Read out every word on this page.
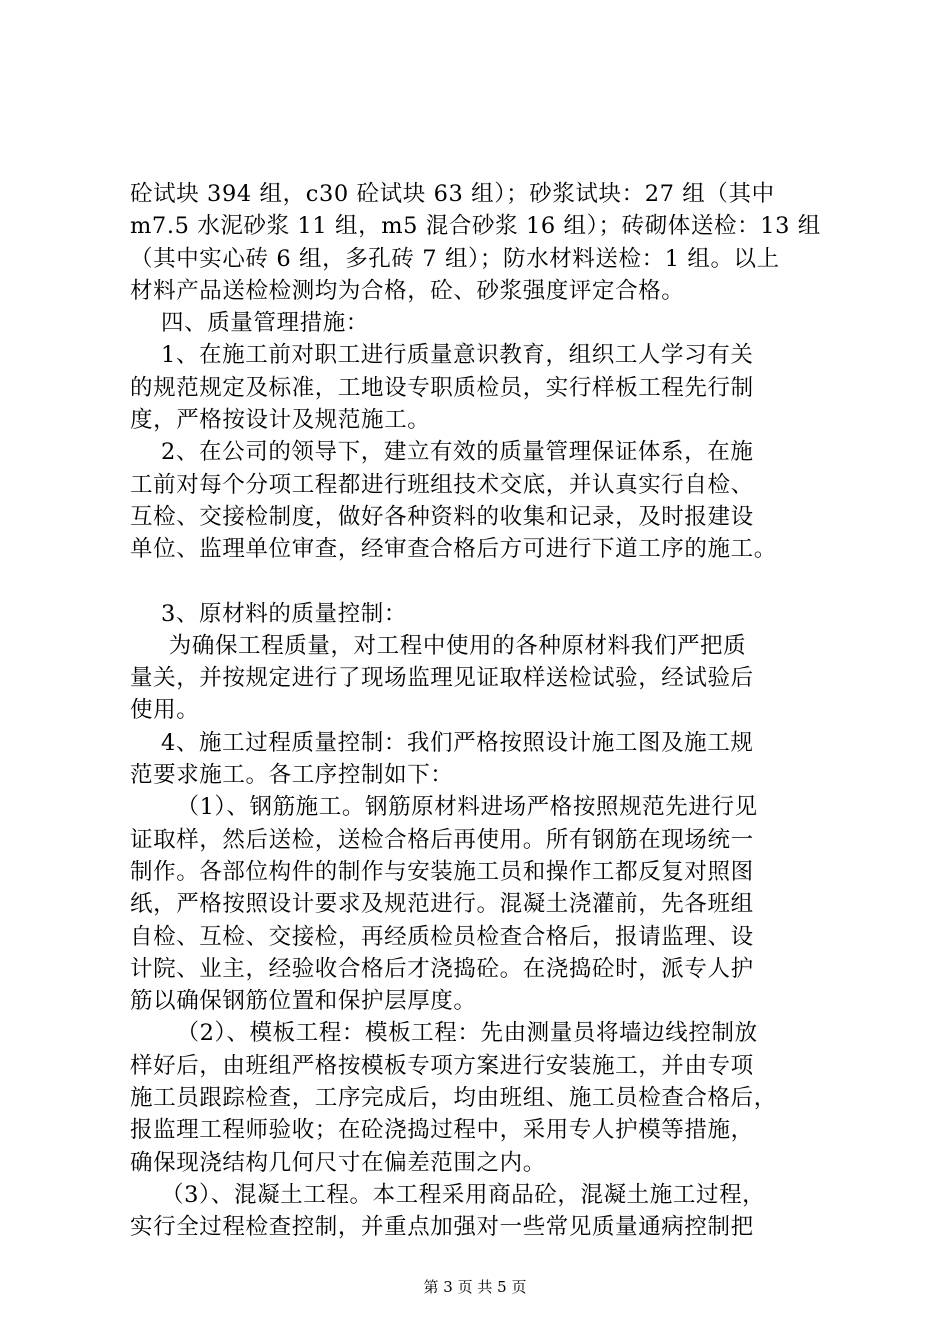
砼试块 394 组，c30 砼试块 63 组）；砂浆试块：27 组（其中

m7.5 水泥砂浆 11 组，m5 混合砂浆 16 组）；砖砌体送检：13 组

（其中实心砖 6 组，多孔砖 7 组）；防水材料送检：1 组。以上

材料产品送检检测均为合格，砼、砂浆强度评定合格。

四、质量管理措施：

1、在施工前对职工进行质量意识教育，组织工人学习有关

的规范规定及标准，工地设专职质检员，实行样板工程先行制

度，严格按设计及规范施工。

2、在公司的领导下，建立有效的质量管理保证体系，在施

工前对每个分项工程都进行班组技术交底，并认真实行自检、

互检、交接检制度，做好各种资料的收集和记录，及时报建设

单位、监理单位审查，经审查合格后方可进行下道工序的施工。

3、原材料的质量控制：

为确保工程质量，对工程中使用的各种原材料我们严把质

量关，并按规定进行了现场监理见证取样送检试验，经试验后

使用。

4、施工过程质量控制：我们严格按照设计施工图及施工规

范要求施工。各工序控制如下：

（1）、钢筋施工。钢筋原材料进场严格按照规范先进行见

证取样，然后送检，送检合格后再使用。所有钢筋在现场统一

制作。各部位构件的制作与安装施工员和操作工都反复对照图

纸，严格按照设计要求及规范进行。混凝土浇灌前，先各班组

自检、互检、交接检，再经质检员检查合格后，报请监理、设

计院、业主，经验收合格后才浇捣砼。在浇捣砼时，派专人护

筋以确保钢筋位置和保护层厚度。

（2）、模板工程：模板工程：先由测量员将墙边线控制放

样好后，由班组严格按模板专项方案进行安装施工，并由专项

施工员跟踪检查，工序完成后，均由班组、施工员检查合格后，

报监理工程师验收；在砼浇捣过程中，采用专人护模等措施，

确保现浇结构几何尺寸在偏差范围之内。

（3）、混凝土工程。本工程采用商品砼，混凝土施工过程，

实行全过程检查控制，并重点加强对一些常见质量通病控制把

第 3 页 共 5 页
